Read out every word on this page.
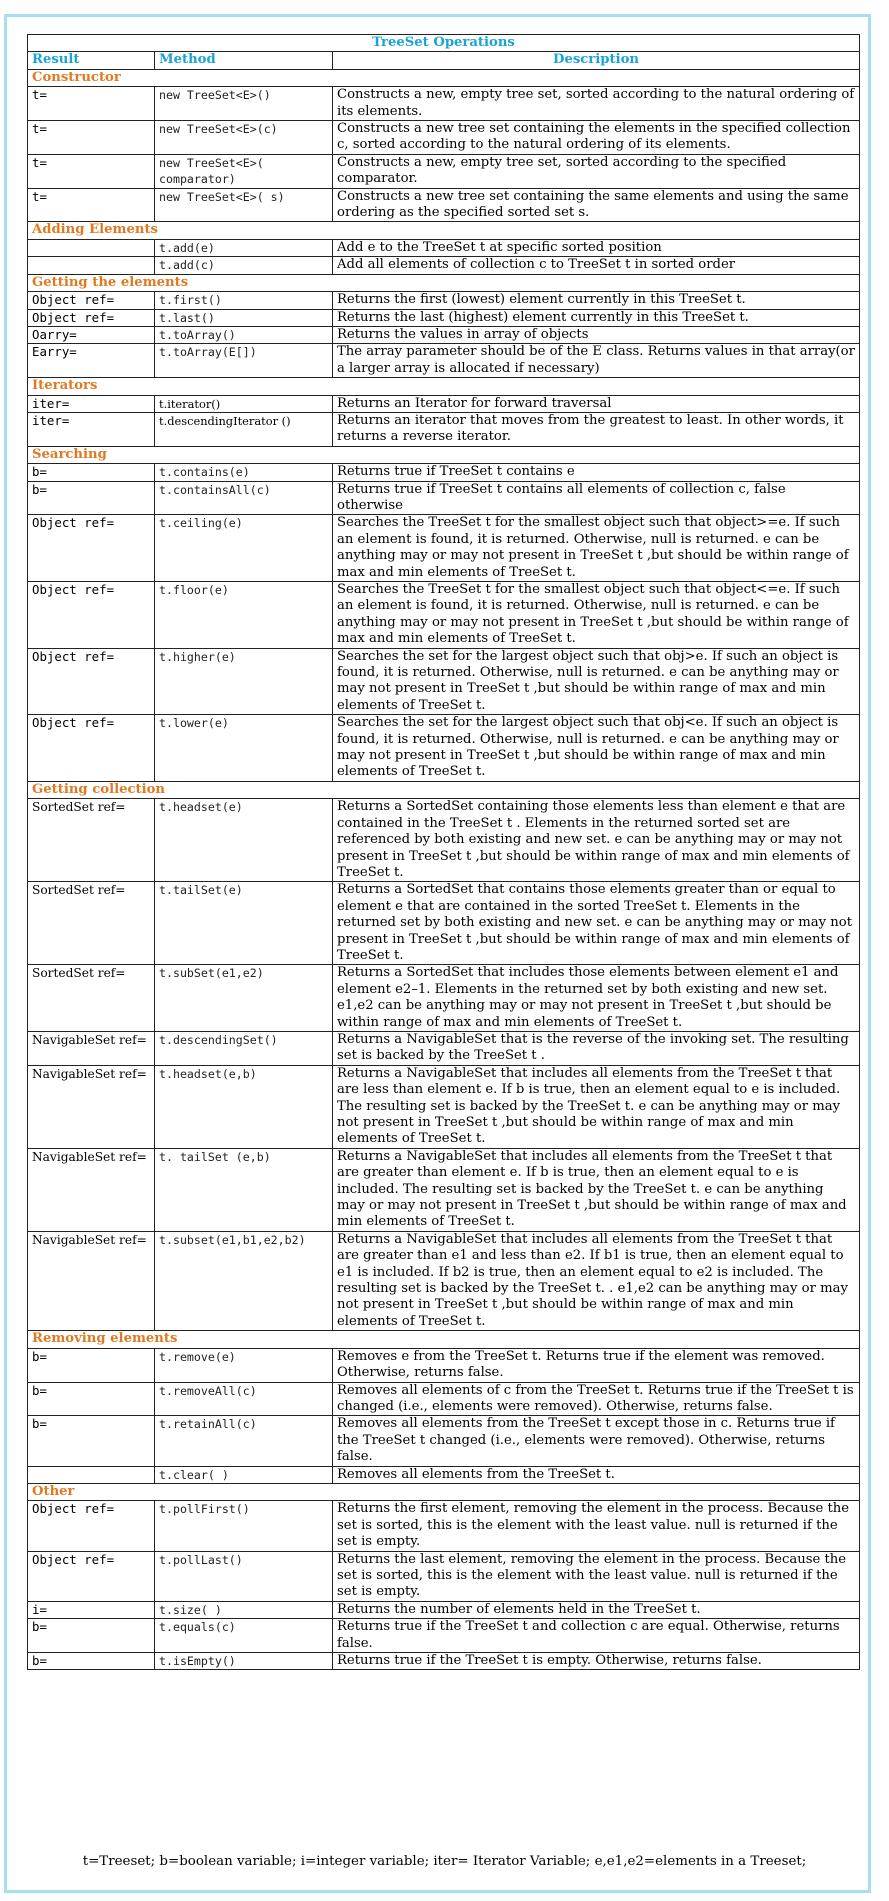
TreeSet Operations		
Result	Method	Description
Constructor		
t=	new TreeSet<E>()	Constructs a new, empty tree set, sorted according to the natural ordering of its elements.
t=	new TreeSet<E>(c)	Constructs a new tree set containing the elements in the specified collection c, sorted according to the natural ordering of its elements.
t=	new TreeSet<E>( comparator)	Constructs a new, empty tree set, sorted according to the specified comparator.
t=	new TreeSet<E>( s)	Constructs a new tree set containing the same elements and using the same ordering as the specified sorted set s.
Adding Elements		
	t.add(e)	Add e to the TreeSet t at specific sorted position
	t.add(c)	Add all elements of collection c to TreeSet t in sorted order
Getting the elements		
Object ref=	t.first()	Returns the first (lowest) element currently in this TreeSet t.
Object ref=	t.last()	Returns the last (highest) element currently in this TreeSet t.
Oarry=	t.toArray()	Returns the values in array of objects
Earry=	t.toArray(E[])	The array parameter should be of the E class. Returns values in that array(or a larger array is allocated if necessary)
Iterators		
iter=	t.iterator()	Returns an Iterator for forward traversal
iter=	t.descendingIterator ()	Returns an iterator that moves from the greatest to least. In other words, it returns a reverse iterator.
Searching		
b=	t.contains(e)	Returns true if TreeSet t contains e
b=	t.containsAll(c)	Returns true if TreeSet t contains all elements of collection c, false otherwise
Object ref=	t.ceiling(e)	Searches the TreeSet t for the smallest object such that object>=e. If such an element is found, it is returned. Otherwise, null is returned. e can be anything may or may not present in TreeSet t ,but should be within range of max and min elements of TreeSet t.
Object ref=	t.floor(e)	Searches the TreeSet t for the smallest object such that object<=e. If such an element is found, it is returned. Otherwise, null is returned. e can be anything may or may not present in TreeSet t ,but should be within range of max and min elements of TreeSet t.
Object ref=	t.higher(e)	Searches the set for the largest object such that obj>e. If such an object is found, it is returned. Otherwise, null is returned. e can be anything may or may not present in TreeSet t ,but should be within range of max and min elements of TreeSet t.
Object ref=	t.lower(e)	Searches the set for the largest object such that obj<e. If such an object is found, it is returned. Otherwise, null is returned. e can be anything may or may not present in TreeSet t ,but should be within range of max and min elements of TreeSet t.
Getting collection		
SortedSet ref=	t.headset(e)	Returns a SortedSet containing those elements less than element e that are contained in the TreeSet t . Elements in the returned sorted set are referenced by both existing and new set. e can be anything may or may not present in TreeSet t ,but should be within range of max and min elements of TreeSet t.
SortedSet ref=	t.tailSet(e)	Returns a SortedSet that contains those elements greater than or equal to element e that are contained in the sorted TreeSet t. Elements in the returned set by both existing and new set. e can be anything may or may not present in TreeSet t ,but should be within range of max and min elements of TreeSet t.
SortedSet ref=	t.subSet(e1,e2)	Returns a SortedSet that includes those elements between element e1 and element e2–1. Elements in the returned set by both existing and new set. e1,e2 can be anything may or may not present in TreeSet t ,but should be within range of max and min elements of TreeSet t.
NavigableSet ref=	t.descendingSet()	Returns a NavigableSet that is the reverse of the invoking set. The resulting set is backed by the TreeSet t .
NavigableSet ref=	t.headset(e,b)	Returns a NavigableSet that includes all elements from the TreeSet t that are less than element e. If b is true, then an element equal to e is included. The resulting set is backed by the TreeSet t. e can be anything may or may not present in TreeSet t ,but should be within range of max and min elements of TreeSet t.
NavigableSet ref=	t. tailSet (e,b)	Returns a NavigableSet that includes all elements from the TreeSet t that are greater than element e. If b is true, then an element equal to e is included. The resulting set is backed by the TreeSet t. e can be anything may or may not present in TreeSet t ,but should be within range of max and min elements of TreeSet t.
NavigableSet ref=	t.subset(e1,b1,e2,b2)	Returns a NavigableSet that includes all elements from the TreeSet t that are greater than e1 and less than e2. If b1 is true, then an element equal to e1 is included. If b2 is true, then an element equal to e2 is included. The resulting set is backed by the TreeSet t. . e1,e2 can be anything may or may not present in TreeSet t ,but should be within range of max and min elements of TreeSet t.
Removing elements		
b=	t.remove(e)	Removes e from the TreeSet t. Returns true if the element was removed. Otherwise, returns false.
b=	t.removeAll(c)	Removes all elements of c from the TreeSet t. Returns true if the TreeSet t is changed (i.e., elements were removed). Otherwise, returns false.
b=	t.retainAll(c)	Removes all elements from the TreeSet t except those in c. Returns true if the TreeSet t changed (i.e., elements were removed). Otherwise, returns false.
	t.clear( )	Removes all elements from the TreeSet t.
Other		
Object ref=	t.pollFirst()	Returns the first element, removing the element in the process. Because the set is sorted, this is the element with the least value. null is returned if the set is empty.
Object ref=	t.pollLast()	Returns the last element, removing the element in the process. Because the set is sorted, this is the element with the least value. null is returned if the set is empty.
i=	t.size( )	Returns the number of elements held in the TreeSet t.
b=	t.equals(c)	Returns true if the TreeSet t and collection c are equal. Otherwise, returns false.
b=	t.isEmpty()	Returns true if the TreeSet t is empty. Otherwise, returns false.
t=Treeset; b=boolean variable; i=integer variable; iter= Iterator Variable; e,e1,e2=elements in a Treeset;
